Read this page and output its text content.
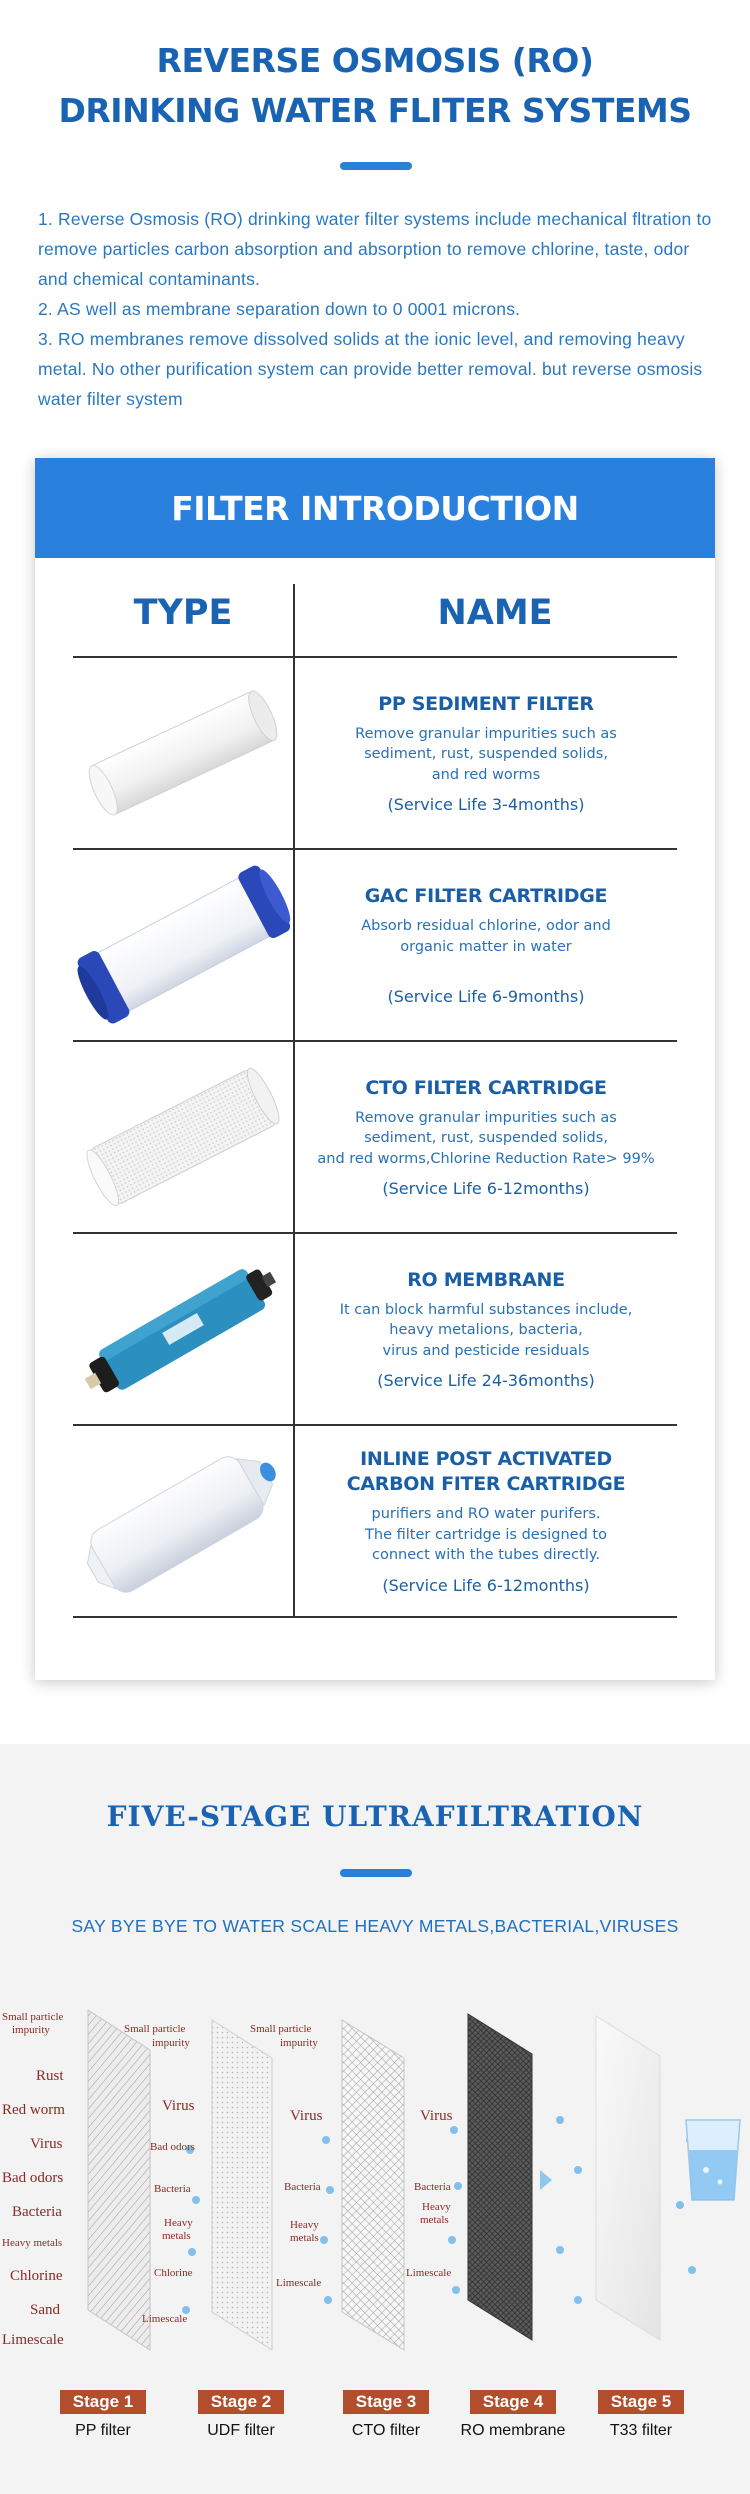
REVERSE OSMOSIS (RO)
DRINKING WATER FLITER SYSTEMS

1. Reverse Osmosis (RO) drinking water filter systems include mechanical fltration to remove particles carbon absorption and absorption to remove chlorine, taste, odor and chemical contaminants.

2. AS well as membrane separation down to 0 0001 microns.

3. RO membranes remove dissolved solids at the ionic level, and removing heavy metal. No other purification system can provide better removal. but reverse osmosis water filter system

FILTER INTRODUCTION
TYPE	NAME
PP SEDIMENT FILTER
Remove granular impurities such as
sediment, rust, suspended solids,
and red worms
(Service Life 3-4months)
GAC FILTER CARTRIDGE
Absorb residual chlorine, odor and
organic matter in water
(Service Life 6-9months)
CTO FILTER CARTRIDGE
Remove granular impurities such as
sediment, rust, suspended solids,
and red worms,Chlorine Reduction Rate> 99%
(Service Life 6-12months)
RO MEMBRANE
It can block harmful substances include,
heavy metalions, bacteria,
virus and pesticide residuals
(Service Life 24-36months)
INLINE POST ACTIVATED
CARBON FITER CARTRIDGE
purifiers and RO water purifers.
The filter cartridge is designed to
connect with the tubes directly.
(Service Life 6-12months)
FIVE-STAGE ULTRAFILTRATION
SAY BYE BYE TO WATER SCALE HEAVY METALS,BACTERIAL,VIRUSES
Small particle
impurity
Rust
Red worm
Virus
Bad odors
Bacteria
Heavy metals
Chlorine
Sand
Limescale
Small particle
impurity
Virus
Bad odors
Bacteria
Heavy
metals
Chlorine
Limescale
Small particle
impurity
Virus
Bacteria
Heavy
metals
Limescale
Virus
Bacteria
Heavy
metals
Limescale
Stage 1	Stage 2	Stage 3	Stage 4	Stage 5
PP filter	UDF filter	CTO filter	RO membrane	T33 filter
